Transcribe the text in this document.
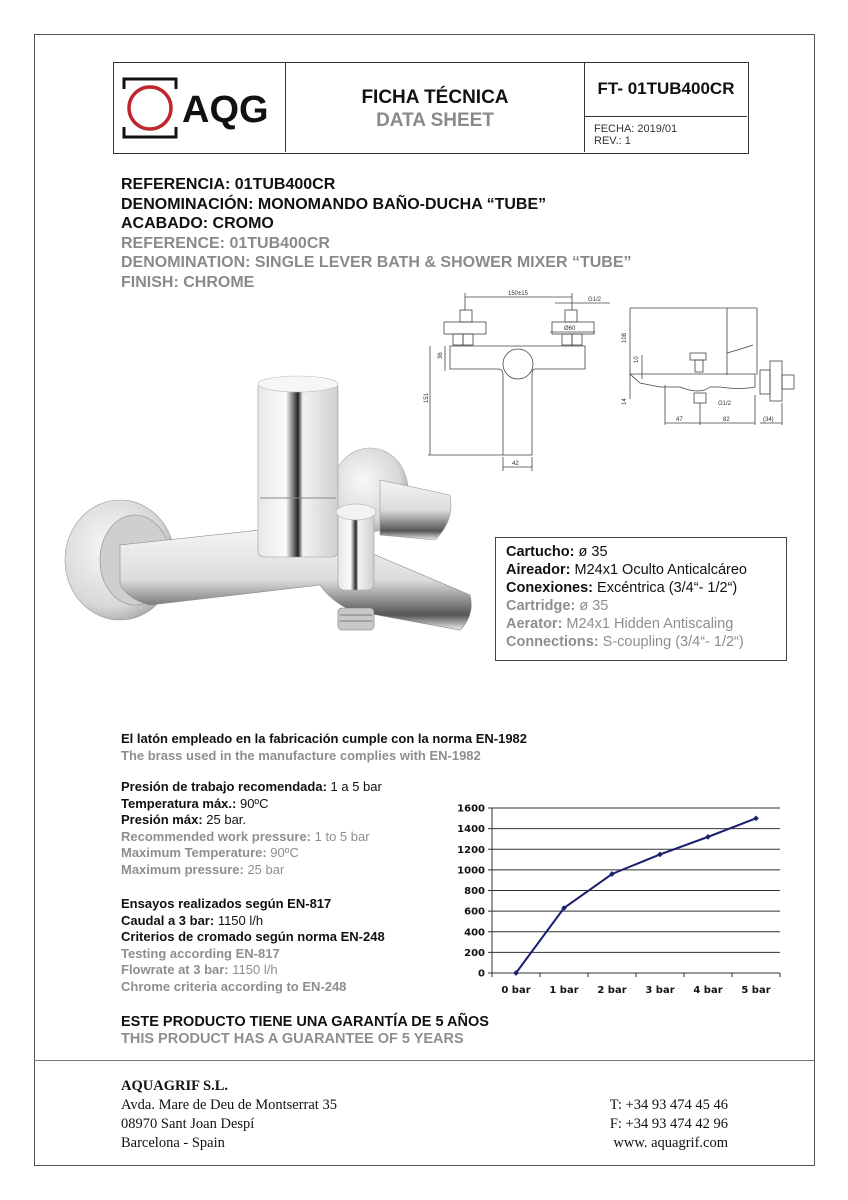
AQG	FICHA TÉCNICA
DATA SHEET
FT- 01TUB400CR
FECHA: 2019/01
REV.: 1
REFERENCIA: 01TUB400CR
DENOMINACIÓN: MONOMANDO BAÑO-DUCHA “TUBE”
ACABADO: CROMO
REFERENCE: 01TUB400CR
DENOMINATION: SINGLE LEVER BATH & SHOWER MIXER “TUBE”
FINISH: CHROME
150±15
G1/2
Ø60
36
151
42
108
10
14	G1/2
47	82	(34)
Cartucho: ø 35
Aireador: M24x1 Oculto Anticalcáreo
Conexiones: Excéntrica (3/4“- 1/2“)
Cartridge: ø 35
Aerator: M24x1 Hidden Antiscaling
Connections: S-coupling (3/4“- 1/2“)
El latón empleado en la fabricación cumple con la norma EN-1982
The brass used in the manufacture complies with EN-1982
Presión de trabajo recomendada: 1 a 5 bar
Temperatura máx.: 90ºC
Presión máx: 25 bar.
Recommended work pressure: 1 to 5 bar
Maximum Temperature: 90ºC
Maximum pressure: 25 bar
Ensayos realizados según EN-817
Caudal a 3 bar: 1150 l/h
Criterios de cromado según norma EN-248
Testing according EN-817
Flowrate at 3 bar: 1150 l/h
Chrome criteria according to EN-248
0
200
400
600
800
1000
1200
1400
1600
0 bar 1 bar 2 bar 3 bar 4 bar 5 bar
ESTE PRODUCTO TIENE UNA GARANTÍA DE 5 AÑOS
THIS PRODUCT HAS A GUARANTEE OF 5 YEARS
AQUAGRIF S.L.
Avda. Mare de Deu de Montserrat 35
08970 Sant Joan Despí
Barcelona - Spain
T: +34 93 474 45 46
F: +34 93 474 42 96
www. aquagrif.com
